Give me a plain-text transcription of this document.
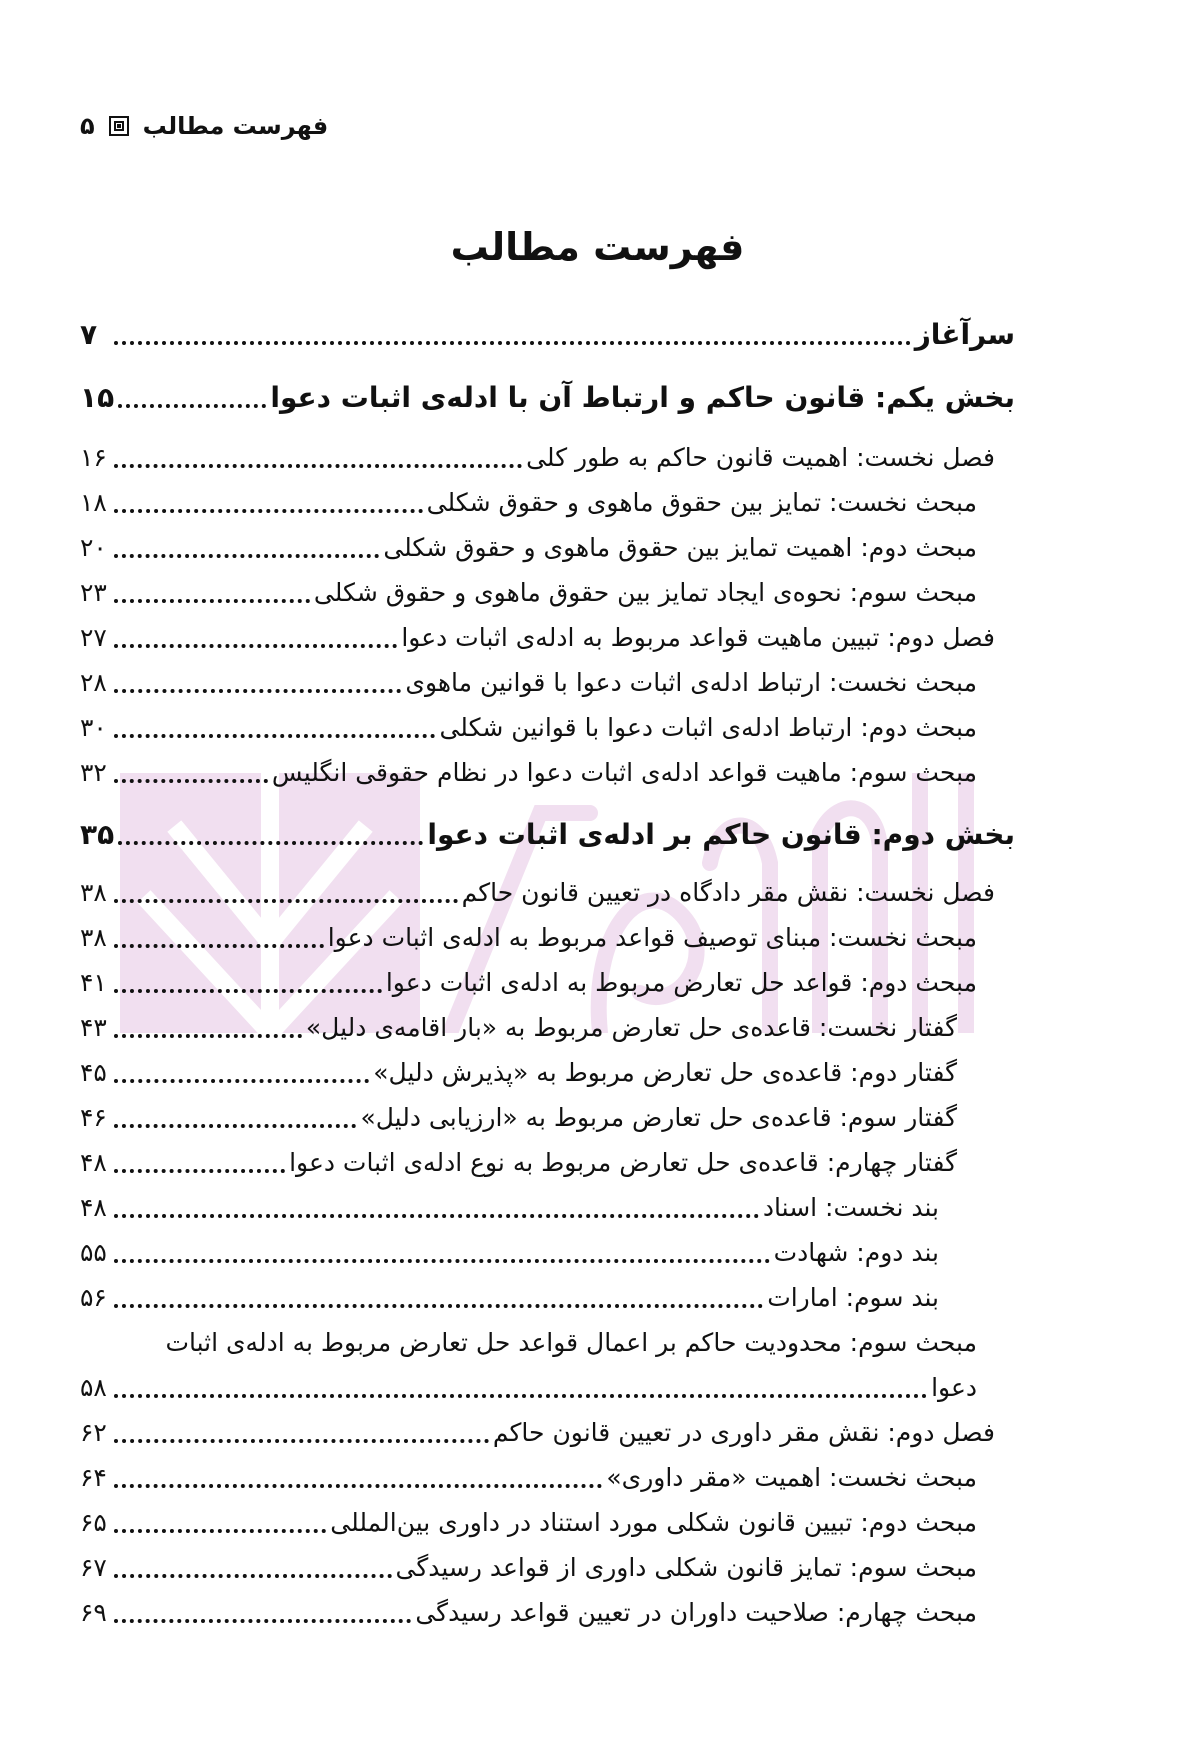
فهرست مطالب
۵
فهرست مطالب
سرآغاز
۷
بخش یکم: قانون حاکم و ارتباط آن با ادله‌ی اثبات دعوا
۱۵
فصل نخست: اهمیت قانون حاکم به طور کلی
۱۶
مبحث نخست: تمایز بین حقوق ماهوی و حقوق شکلی
۱۸
مبحث دوم: اهمیت تمایز بین حقوق ماهوی و حقوق شکلی
۲۰
مبحث سوم: نحوه‌ی ایجاد تمایز بین حقوق ماهوی و حقوق شکلی
۲۳
فصل دوم: تبیین ماهیت قواعد مربوط به ادله‌ی اثبات دعوا
۲۷
مبحث نخست: ارتباط ادله‌ی اثبات دعوا با قوانین ماهوی
۲۸
مبحث دوم: ارتباط ادله‌ی اثبات دعوا با قوانین شکلی
۳۰
مبحث سوم: ماهیت قواعد ادله‌ی اثبات دعوا در نظام حقوقی انگلیس
۳۲
بخش دوم: قانون حاکم بر ادله‌ی اثبات دعوا
۳۵
فصل نخست: نقش مقر دادگاه در تعیین قانون حاکم
۳۸
مبحث نخست: مبنای توصیف قواعد مربوط به ادله‌ی اثبات دعوا
۳۸
مبحث دوم: قواعد حل تعارض مربوط به ادله‌ی اثبات دعوا
۴۱
گفتار نخست: قاعده‌ی حل تعارض مربوط به «بار اقامه‌ی دلیل»
۴۳
گفتار دوم: قاعده‌ی حل تعارض مربوط به «پذیرش دلیل»
۴۵
گفتار سوم: قاعده‌ی حل تعارض مربوط به «ارزیابی دلیل»
۴۶
گفتار چهارم: قاعده‌ی حل تعارض مربوط به نوع ادله‌ی اثبات دعوا
۴۸
بند نخست: اسناد
۴۸
بند دوم: شهادت
۵۵
بند سوم: امارات
۵۶
مبحث سوم: محدودیت حاکم بر اعمال قواعد حل تعارض مربوط به ادله‌ی اثبات
دعوا
۵۸
فصل دوم: نقش مقر داوری در تعیین قانون حاکم
۶۲
مبحث نخست: اهمیت «مقر داوری»
۶۴
مبحث دوم: تبیین قانون شکلی مورد استناد در داوری بین‌المللی
۶۵
مبحث سوم: تمایز قانون شکلی داوری از قواعد رسیدگی
۶۷
مبحث چهارم: صلاحیت داوران در تعیین قواعد رسیدگی
۶۹
